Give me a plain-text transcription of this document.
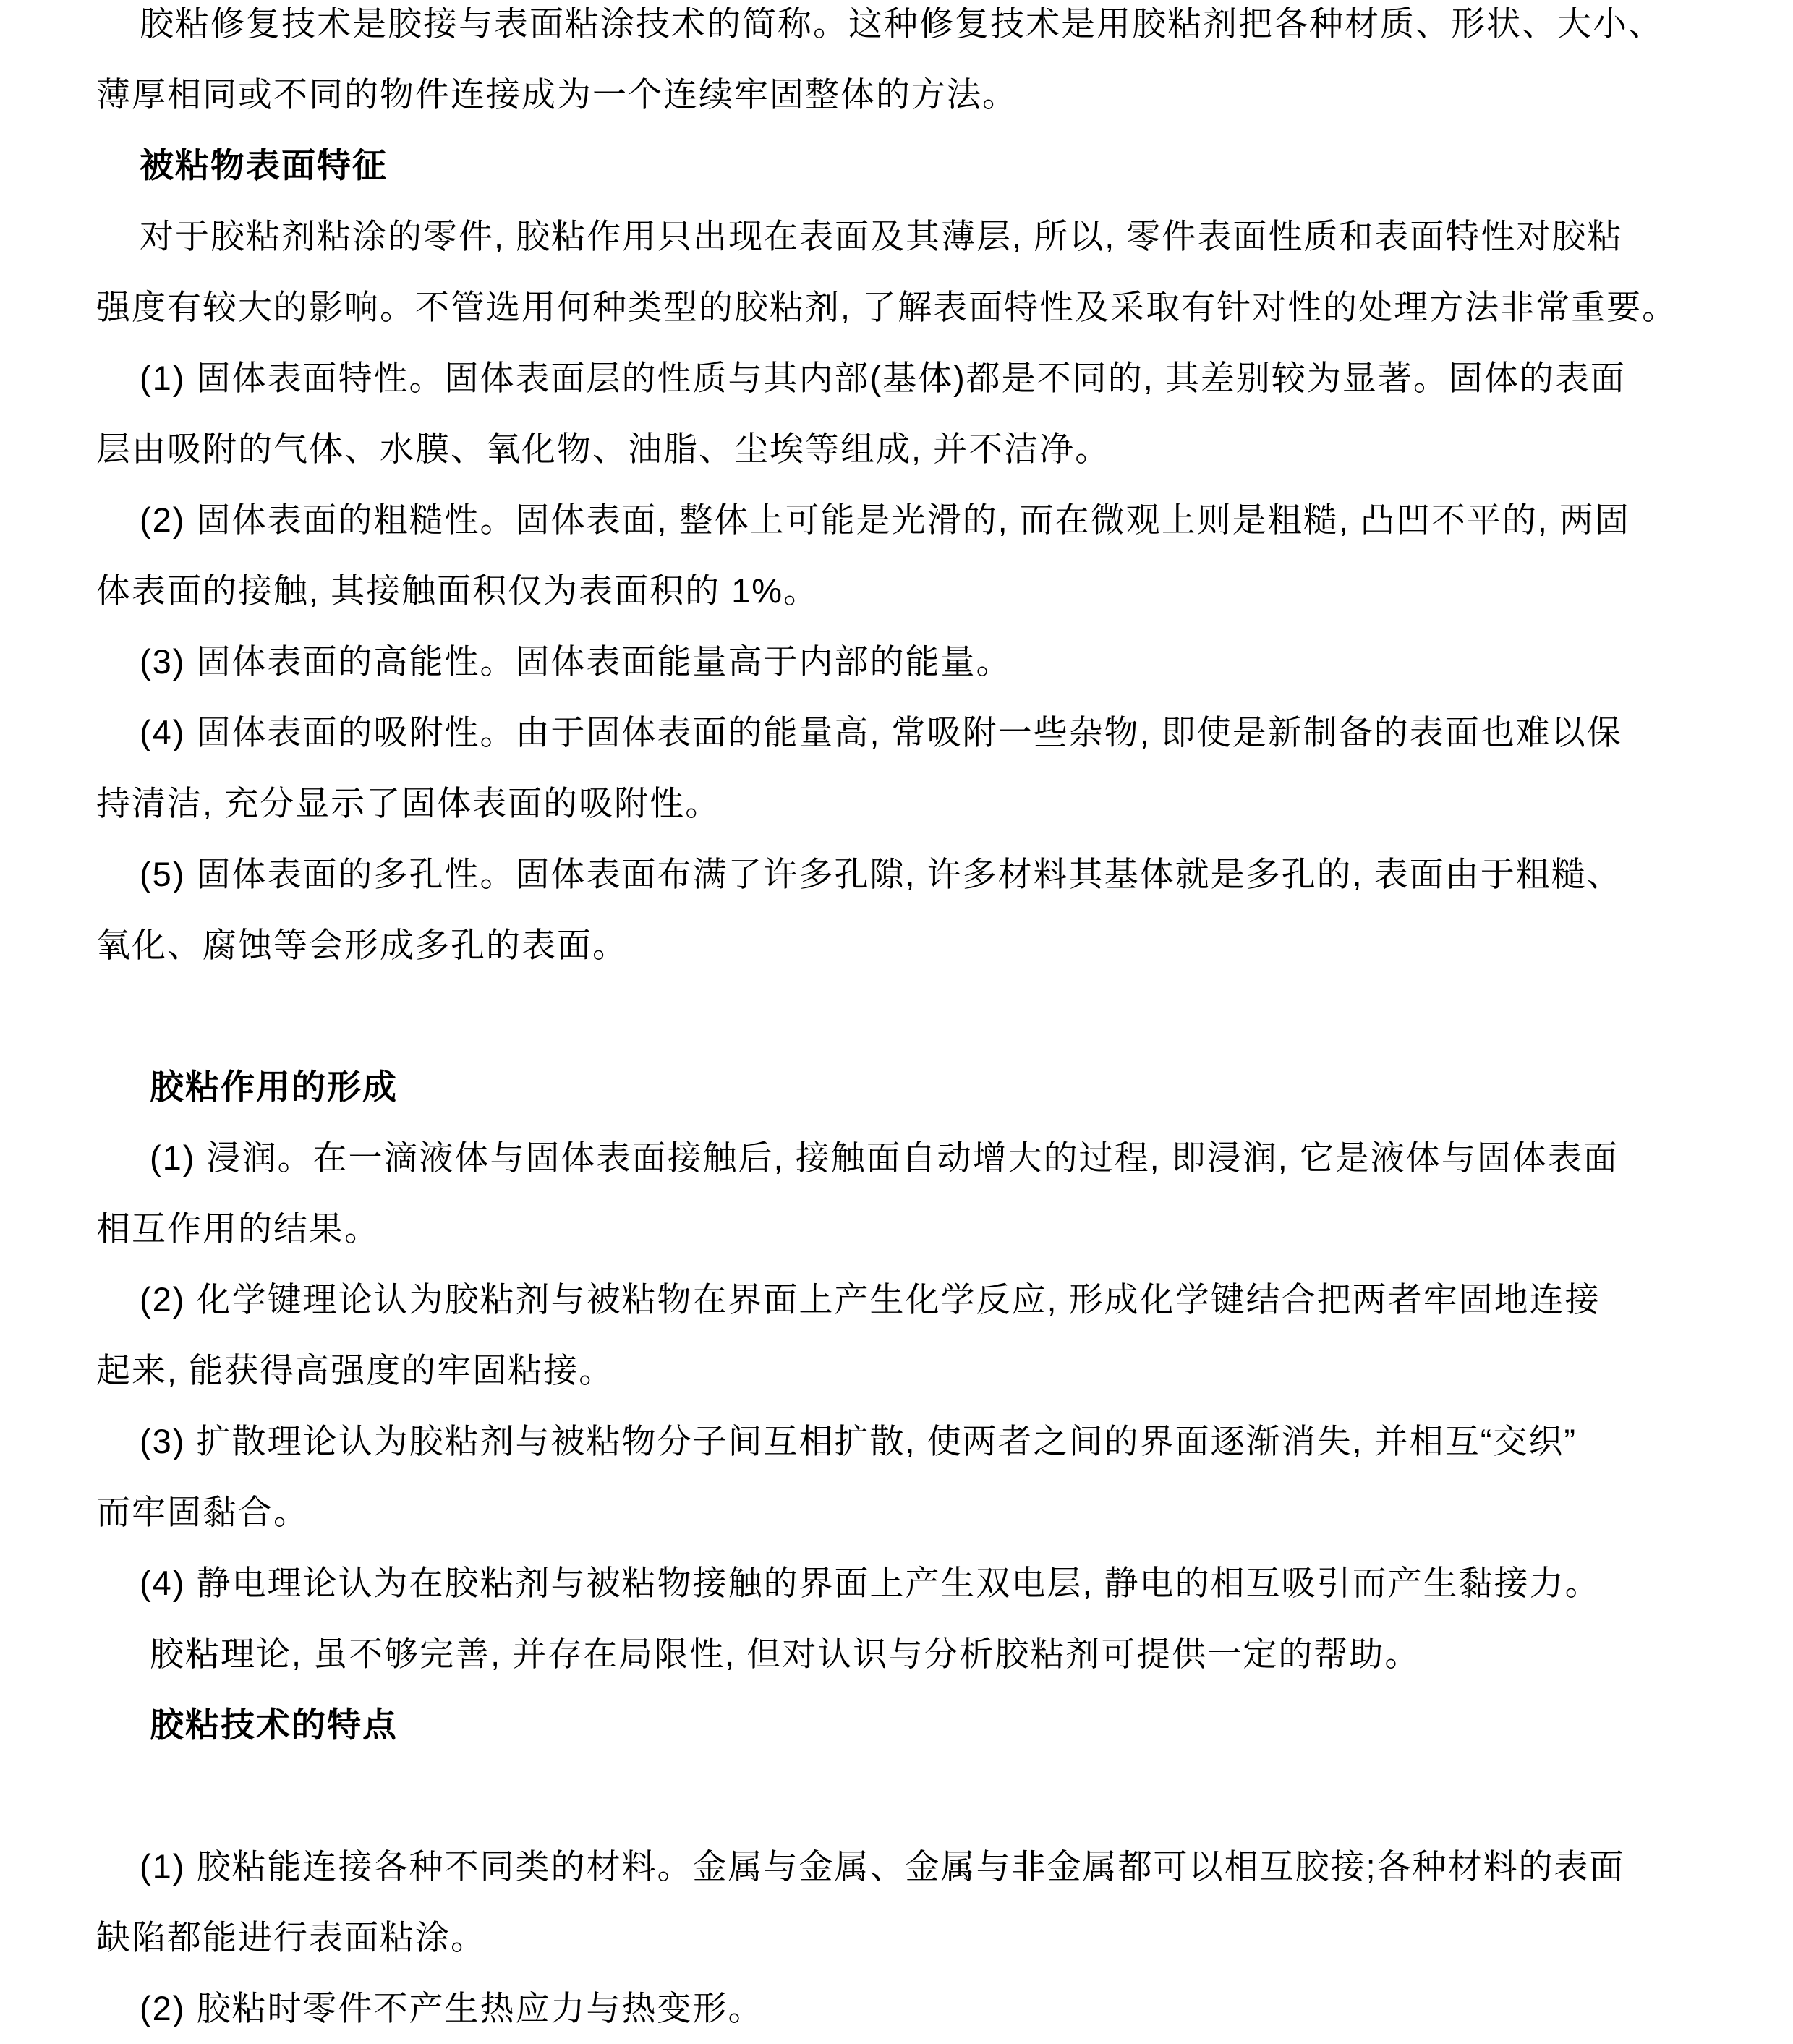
胶粘修复技术是胶接与表面粘涂技术的简称。这种修复技术是用胶粘剂把各种材质、形状、大小、
薄厚相同或不同的物件连接成为一个连续牢固整体的方法。
被粘物表面特征
对于胶粘剂粘涂的零件, 胶粘作用只出现在表面及其薄层, 所以, 零件表面性质和表面特性对胶粘
强度有较大的影响。不管选用何种类型的胶粘剂, 了解表面特性及采取有针对性的处理方法非常重要。
(1) 固体表面特性。固体表面层的性质与其内部(基体)都是不同的, 其差别较为显著。固体的表面
层由吸附的气体、水膜、氧化物、油脂、尘埃等组成, 并不洁净。
(2) 固体表面的粗糙性。固体表面, 整体上可能是光滑的, 而在微观上则是粗糙, 凸凹不平的, 两固
体表面的接触, 其接触面积仅为表面积的 1%。
(3) 固体表面的高能性。固体表面能量高于内部的能量。
(4) 固体表面的吸附性。由于固体表面的能量高, 常吸附一些杂物, 即使是新制备的表面也难以保
持清洁, 充分显示了固体表面的吸附性。
(5) 固体表面的多孔性。固体表面布满了许多孔隙, 许多材料其基体就是多孔的, 表面由于粗糙、
氧化、腐蚀等会形成多孔的表面。
胶粘作用的形成
(1) 浸润。在一滴液体与固体表面接触后, 接触面自动增大的过程, 即浸润, 它是液体与固体表面
相互作用的结果。
(2) 化学键理论认为胶粘剂与被粘物在界面上产生化学反应, 形成化学键结合把两者牢固地连接
起来, 能获得高强度的牢固粘接。
(3) 扩散理论认为胶粘剂与被粘物分子间互相扩散, 使两者之间的界面逐渐消失, 并相互“交织”
而牢固黏合。
(4) 静电理论认为在胶粘剂与被粘物接触的界面上产生双电层, 静电的相互吸引而产生黏接力。
胶粘理论, 虽不够完善, 并存在局限性, 但对认识与分析胶粘剂可提供一定的帮助。
胶粘技术的特点
(1) 胶粘能连接各种不同类的材料。金属与金属、金属与非金属都可以相互胶接;各种材料的表面
缺陷都能进行表面粘涂。
(2) 胶粘时零件不产生热应力与热变形。
